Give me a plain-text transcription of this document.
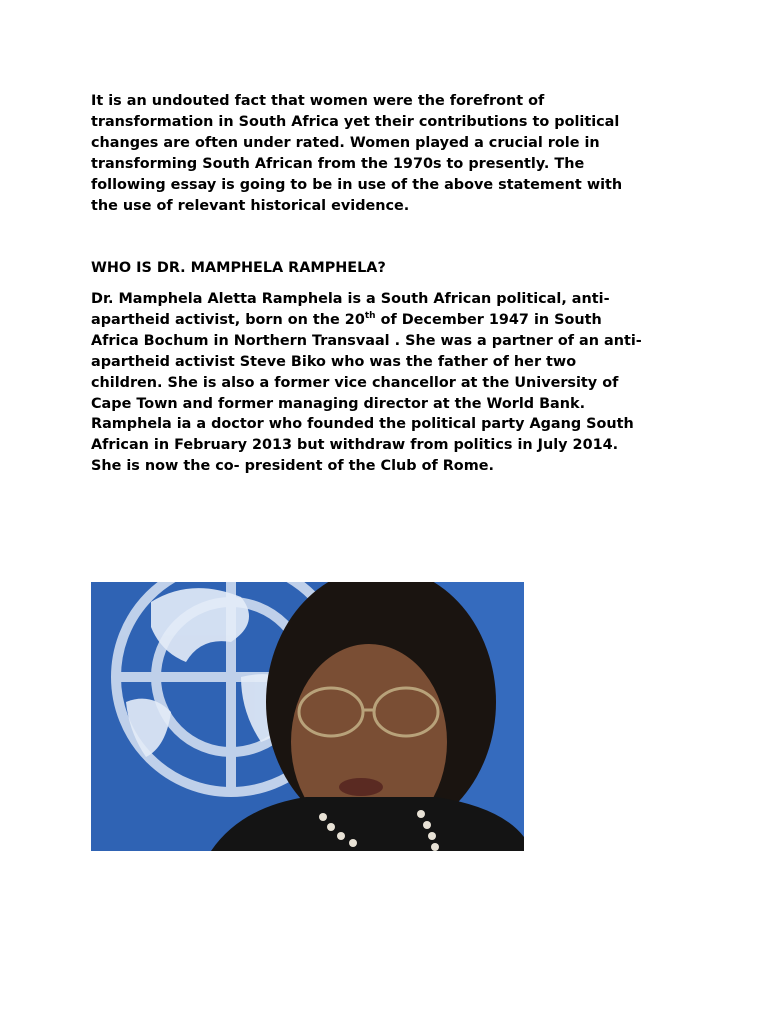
It is an undouted fact that women were the forefront of
transformation in South Africa yet their contributions to political
changes are often under rated. Women played a crucial role in
transforming South African from the 1970s to presently. The
following essay is going to be in use of the above statement with
the use of relevant historical evidence.

WHO IS DR. MAMPHELA RAMPHELA?

Dr. Mamphela Aletta Ramphela is a South African political, anti-
apartheid activist, born on the 20th of December 1947 in South
Africa Bochum in Northern Transvaal . She was a partner of an anti-
apartheid activist Steve Biko who was the father of her two
children. She is also a former vice chancellor at the University of
Cape Town and former managing director at the World Bank.
Ramphela ia a doctor who founded the political party Agang South
African in February 2013 but withdraw from politics in July 2014.
She is now the co- president of the Club of Rome.
